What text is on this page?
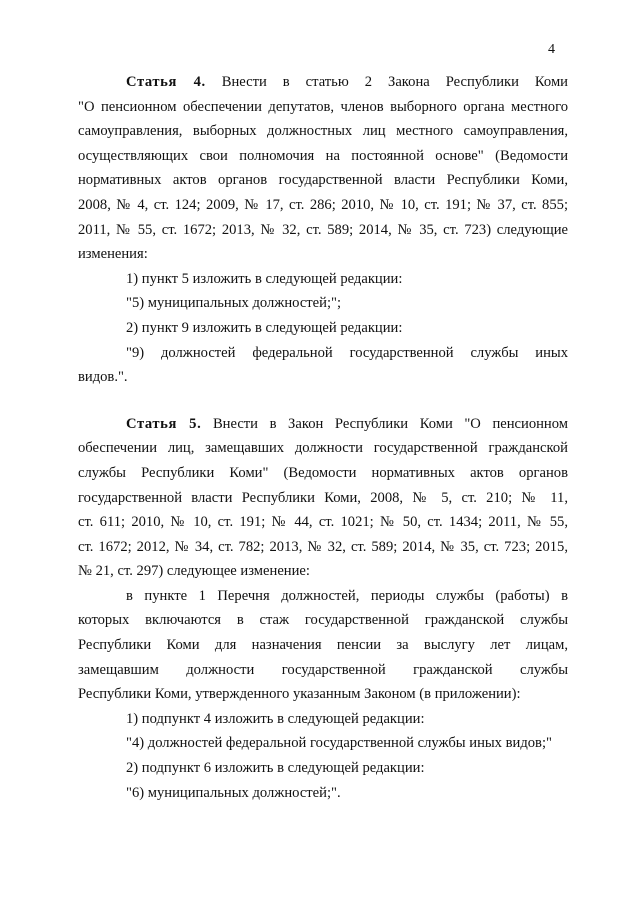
4
Статья 4. Внести в статью 2 Закона Республики Коми
"О пенсионном обеспечении депутатов, членов выборного органа местного
самоуправления, выборных должностных лиц местного самоуправления,
осуществляющих свои полномочия на постоянной основе" (Ведомости
нормативных актов органов государственной власти Республики Коми,
2008, № 4, ст. 124; 2009, № 17, ст. 286; 2010, № 10, ст. 191; № 37, ст. 855;
2011, № 55, ст. 1672; 2013, № 32, ст. 589; 2014, № 35, ст. 723) следующие
изменения:
1) пункт 5 изложить в следующей редакции:
"5) муниципальных должностей;";
2) пункт 9 изложить в следующей редакции:
"9) должностей федеральной государственной службы иных
видов.".
Статья 5. Внести в Закон Республики Коми "О пенсионном
обеспечении лиц, замещавших должности государственной гражданской
службы Республики Коми" (Ведомости нормативных актов органов
государственной власти Республики Коми, 2008, № 5, ст. 210; № 11,
ст. 611; 2010, № 10, ст. 191; № 44, ст. 1021; № 50, ст. 1434; 2011, № 55,
ст. 1672; 2012, № 34, ст. 782; 2013, № 32, ст. 589; 2014, № 35, ст. 723; 2015,
№ 21, ст. 297) следующее изменение:
в пункте 1 Перечня должностей, периоды службы (работы) в
которых включаются в стаж государственной гражданской службы
Республики Коми для назначения пенсии за выслугу лет лицам,
замещавшим должности государственной гражданской службы
Республики Коми, утвержденного указанным Законом (в приложении):
1) подпункт 4 изложить в следующей редакции:
"4) должностей федеральной государственной службы иных видов;"
2) подпункт 6 изложить в следующей редакции:
"6) муниципальных должностей;".
